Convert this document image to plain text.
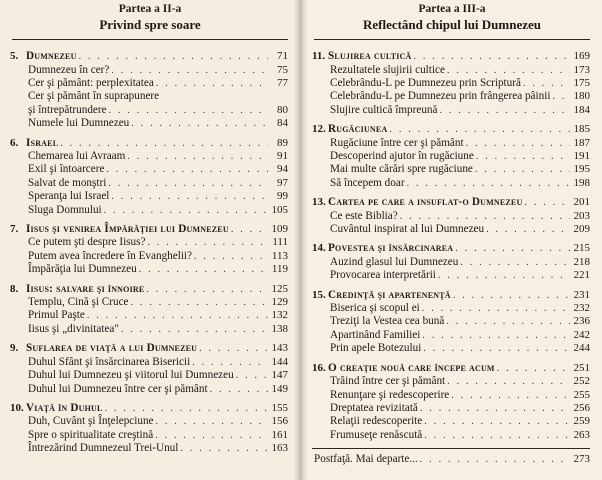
Partea a II-a
Privind spre soare
5. Dumnezeu . . .	71
Dumnezeu în cer? . . .	75
Cer şi pământ: perplexitatea . . .	77
Cer şi pământ în suprapunere
şi întrepătrundere . . .	80
Numele lui Dumnezeu . . .	84
6. Israel . . .	89
Chemarea lui Avraam . . .	91
Exil şi întoarcere . . .	94
Salvat de monştri . . .	97
Speranţa lui Israel . . .	99
Sluga Domnului . . .	105
7. Iisus şi venirea Împărăţiei lui Dumnezeu . . .	109
Ce putem şti despre Iisus? . . .	111
Putem avea încredere în Evanghelii? . . .	113
Împărăţia lui Dumnezeu . . .	119
8. Iisus: salvare şi înnoire . . .	125
Templu, Cină şi Cruce . . .	129
Primul Paşte . . .	132
Iisus şi „divinitatea" . . .	138
9. Suflarea de viaţă a lui Dumnezeu . . .	143
Duhul Sfânt şi însărcinarea Bisericii . . .	144
Duhul lui Dumnezeu şi viitorul lui Dumnezeu . . .	147
Duhul lui Dumnezeu între cer şi pământ . . .	149
10. Viaţă în Duhul . . .	155
Duh, Cuvânt şi Înţelepciune . . .	156
Spre o spiritualitate creştină . . .	161
Întrezărind Dumnezeul Trei-Unul . . .	163
Partea a III-a
Reflectând chipul lui Dumnezeu
11. Slujirea cultică . . .	169
Rezultatele slujirii cultice . . .	173
Celebrându-L pe Dumnezeu prin Scriptură . . .	175
Celebrându-L pe Dumnezeu prin frângerea pâinii . . . 180
Slujire cultică împreună . . .	184
12. Rugăciunea . . .	185
Rugăciune între cer şi pământ . . .	187
Descoperind ajutor în rugăciune . . .	191
Mai multe cărări spre rugăciune . . .	195
Să începem doar . . .	198
13. Cartea pe care a insuflat-o Dumnezeu . . .	201
Ce este Biblia? . . .	203
Cuvântul inspirat al lui Dumnezeu . . .	209
14. Povestea şi însărcinarea . . .	215
Auzind glasul lui Dumnezeu . . .	218
Provocarea interpretării . . .	221
15. Credinţă şi apartenenţă . . .	231
Biserica şi scopul ei . . .	232
Treziţi la Vestea cea bună . . .	236
Apartinând Familiei . . .	242
Prin apele Botezului . . .	244
16. O creaţie nouă care începe acum . . .	251
Trăind între cer şi pământ . . .	252
Renunţare şi redescoperire . . .	255
Dreptatea revizitată . . .	256
Relaţii redescoperite . . .	259
Frumuseţe renăscută . . .	263
Postfaţă. Mai departe... . . .	273
